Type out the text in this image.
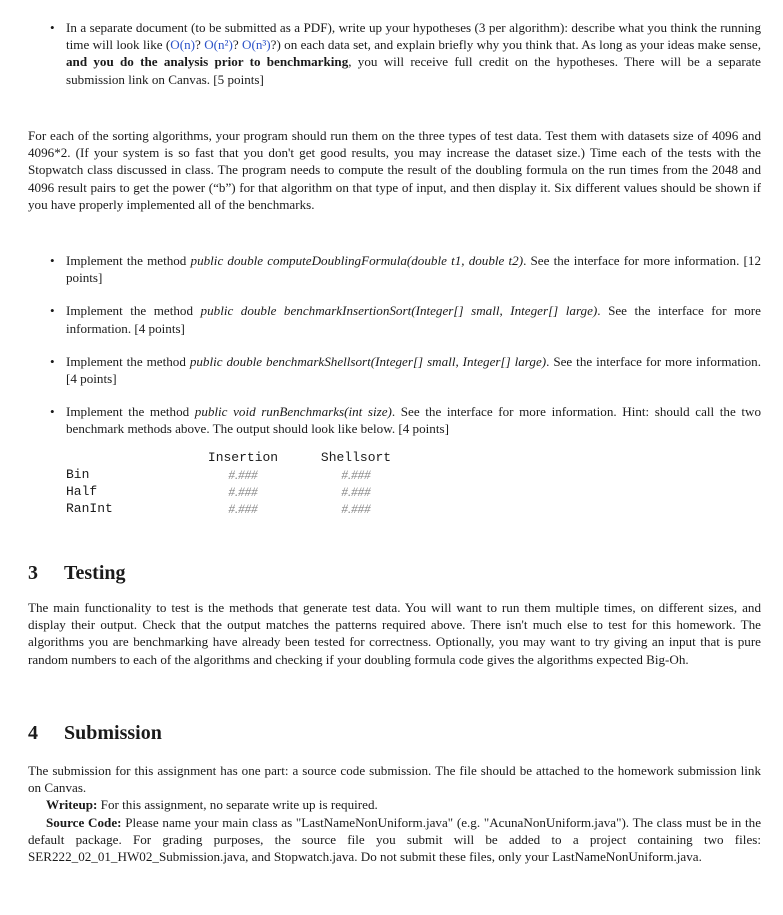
• In a separate document (to be submitted as a PDF), write up your hypotheses (3 per algorithm): describe what you think the running time will look like (O(n)? O(n²)? O(n³)?) on each data set, and explain briefly why you think that. As long as your ideas make sense, and you do the analysis prior to benchmarking, you will receive full credit on the hypotheses. There will be a separate submission link on Canvas. [5 points]

For each of the sorting algorithms, your program should run them on the three types of test data. Test them with datasets size of 4096 and 4096*2. (If your system is so fast that you don't get good results, you may increase the dataset size.) Time each of the tests with the Stopwatch class discussed in class. The program needs to compute the result of the doubling formula on the run times from the 2048 and 4096 result pairs to get the power (“b”) for that algorithm on that type of input, and then display it. Six different values should be shown if you have properly implemented all of the benchmarks.

• Implement the method public double computeDoublingFormula(double t1, double t2). See the interface for more information. [12 points]
• Implement the method public double benchmarkInsertionSort(Integer[] small, Integer[] large). See the interface for more information. [4 points]
• Implement the method public double benchmarkShellsort(Integer[] small, Integer[] large). See the interface for more information. [4 points]
• Implement the method public void runBenchmarks(int size). See the interface for more information. Hint: should call the two benchmark methods above. The output should look like below. [4 points]
	Insertion	Shellsort
Bin	#.###	#.###
Half	#.###	#.###
RanInt	#.###	#.###
3 Testing

The main functionality to test is the methods that generate test data. You will want to run them multiple times, on different sizes, and display their output. Check that the output matches the patterns required above. There isn't much else to test for this homework. The algorithms you are benchmarking have already been tested for correctness. Optionally, you may want to try giving an input that is pure random numbers to each of the algorithms and checking if your doubling formula code gives the algorithms expected Big-Oh.

4 Submission

The submission for this assignment has one part: a source code submission. The file should be attached to the homework submission link on Canvas.

Writeup: For this assignment, no separate write up is required.

Source Code: Please name your main class as "LastNameNonUniform.java" (e.g. "AcunaNonUniform.java"). The class must be in the default package. For grading purposes, the source file you submit will be added to a project containing two files: SER222_02_01_HW02_Submission.java, and Stopwatch.java. Do not submit these files, only your LastNameNonUniform.java.
